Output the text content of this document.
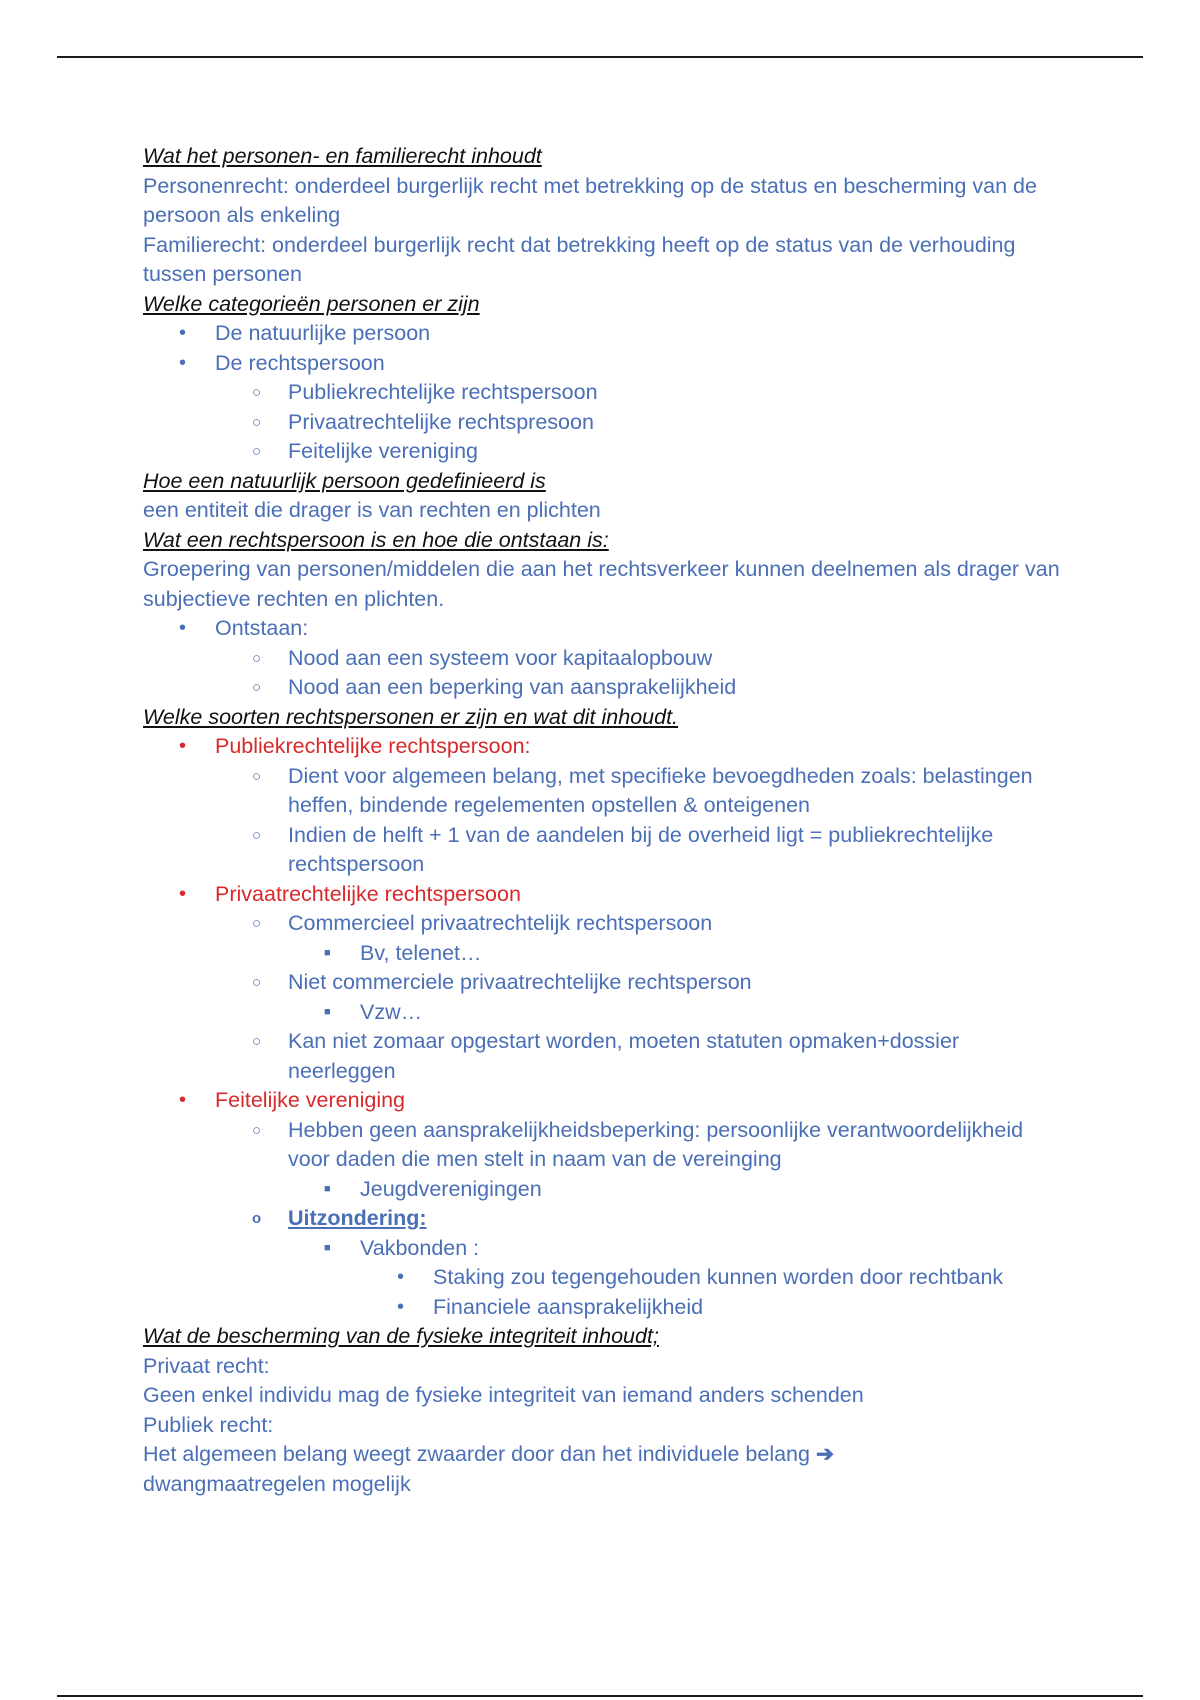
Wat het personen- en familierecht inhoudt

Personenrecht: onderdeel burgerlijk recht met betrekking op de status en bescherming van de persoon als enkeling

Familierecht: onderdeel burgerlijk recht dat betrekking heeft op de status van de verhouding tussen personen

Welke categorieën personen er zijn

• De natuurlijke persoon
• De rechtspersoon
○ Publiekrechtelijke rechtspersoon
○ Privaatrechtelijke rechtspresoon
○ Feitelijke vereniging

Hoe een natuurlijk persoon gedefinieerd is

een entiteit die drager is van rechten en plichten

Wat een rechtspersoon is en hoe die ontstaan is:

Groepering van personen/middelen die aan het rechtsverkeer kunnen deelnemen als drager van subjectieve rechten en plichten.

• Ontstaan:
○ Nood aan een systeem voor kapitaalopbouw
○ Nood aan een beperking van aansprakelijkheid

Welke soorten rechtspersonen er zijn en wat dit inhoudt.

• Publiekrechtelijke rechtspersoon:
○ Dient voor algemeen belang, met specifieke bevoegdheden zoals: belastingen heffen, bindende regelementen opstellen & onteigenen
○ Indien de helft + 1 van de aandelen bij de overheid ligt = publiekrechtelijke rechtspersoon
• Privaatrechtelijke rechtspersoon
○ Commercieel privaatrechtelijk rechtspersoon
■ Bv, telenet…
○ Niet commerciele privaatrechtelijke rechtsperson
■ Vzw…
○ Kan niet zomaar opgestart worden, moeten statuten opmaken+dossier neerleggen
• Feitelijke vereniging
○ Hebben geen aansprakelijkheidsbeperking: persoonlijke verantwoordelijkheid voor daden die men stelt in naam van de vereinging
■ Jeugdverenigingen
o Uitzondering:
■ Vakbonden :
• Staking zou tegengehouden kunnen worden door rechtbank
• Financiele aansprakelijkheid

Wat de bescherming van de fysieke integriteit inhoudt;

Privaat recht:

Geen enkel individu mag de fysieke integriteit van iemand anders schenden

Publiek recht:

Het algemeen belang weegt zwaarder door dan het individuele belang ➔

dwangmaatregelen mogelijk
